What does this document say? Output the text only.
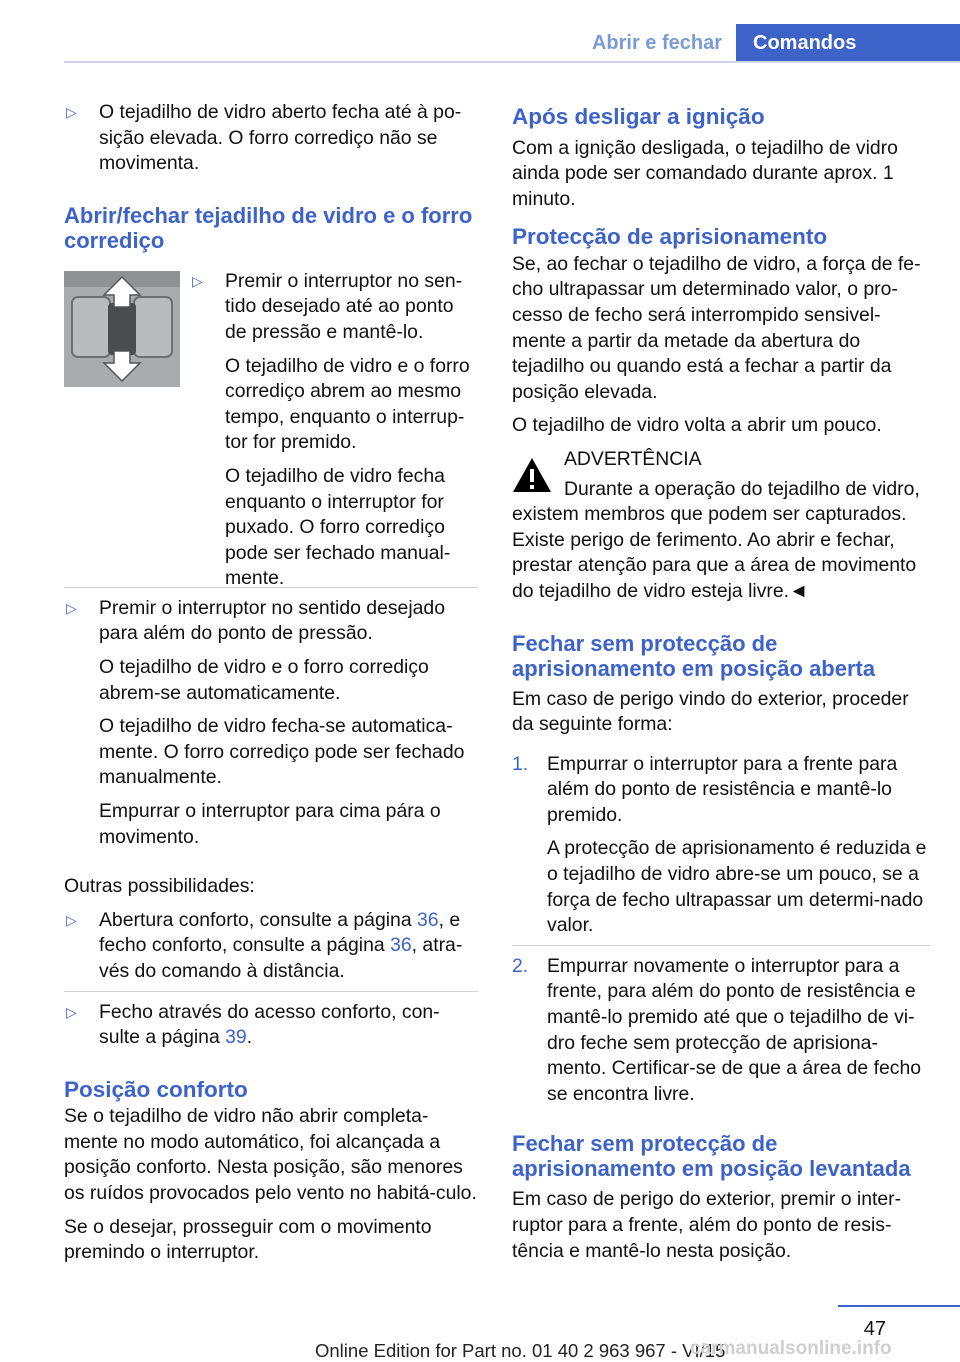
Abrir e fechar	Comandos
▷ O tejadilho de vidro aberto fecha até à po-sição elevada. O forro corrediço não se movimenta.

Abrir/fechar tejadilho de vidro e o forro corrediço

▷ Premir o interruptor no sen-tido desejado até ao ponto de pressão e mantê-lo.

O tejadilho de vidro e o forro corrediço abrem ao mesmo tempo, enquanto o interrup-tor for premido.

O tejadilho de vidro fecha enquanto o interruptor for puxado. O forro corrediço pode ser fechado manual-mente.

▷ Premir o interruptor no sentido desejado para além do ponto de pressão.

O tejadilho de vidro e o forro corrediço abrem-se automaticamente.

O tejadilho de vidro fecha-se automatica-mente. O forro corrediço pode ser fechado manualmente.

Empurrar o interruptor para cima pára o movimento.

Outras possibilidades:

▷ Abertura conforto, consulte a página 36, e fecho conforto, consulte a página 36, atra-vés do comando à distância.

▷ Fecho através do acesso conforto, con-sulte a página 39.

Posição conforto

Se o tejadilho de vidro não abrir completa-mente no modo automático, foi alcançada a posição conforto. Nesta posição, são menores os ruídos provocados pelo vento no habitá-culo.

Se o desejar, prosseguir com o movimento premindo o interruptor.

Após desligar a ignição

Com a ignição desligada, o tejadilho de vidro ainda pode ser comandado durante aprox. 1 minuto.

Protecção de aprisionamento

Se, ao fechar o tejadilho de vidro, a força de fe-cho ultrapassar um determinado valor, o pro-cesso de fecho será interrompido sensivel-mente a partir da metade da abertura do tejadilho ou quando está a fechar a partir da posição elevada.

O tejadilho de vidro volta a abrir um pouco.

ADVERTÊNCIA

Durante a operação do tejadilho de vidro, existem membros que podem ser capturados. Existe perigo de ferimento. Ao abrir e fechar, prestar atenção para que a área de movimento do tejadilho de vidro esteja livre.◄

Fechar sem protecção de aprisionamento em posição aberta

Em caso de perigo vindo do exterior, proceder da seguinte forma:

1. Empurrar o interruptor para a frente para além do ponto de resistência e mantê-lo premido.

A protecção de aprisionamento é reduzida e o tejadilho de vidro abre-se um pouco, se a força de fecho ultrapassar um determi-nado valor.

2. Empurrar novamente o interruptor para a frente, para além do ponto de resistência e mantê-lo premido até que o tejadilho de vi-dro feche sem protecção de aprisiona-mento. Certificar-se de que a área de fecho se encontra livre.

Fechar sem protecção de aprisionamento em posição levantada

Em caso de perigo do exterior, premir o inter-ruptor para a frente, além do ponto de resis-tência e mantê-lo nesta posição.

47
Online Edition for Part no. 01 40 2 963 967 - VI/15
carmanualsonline.info
